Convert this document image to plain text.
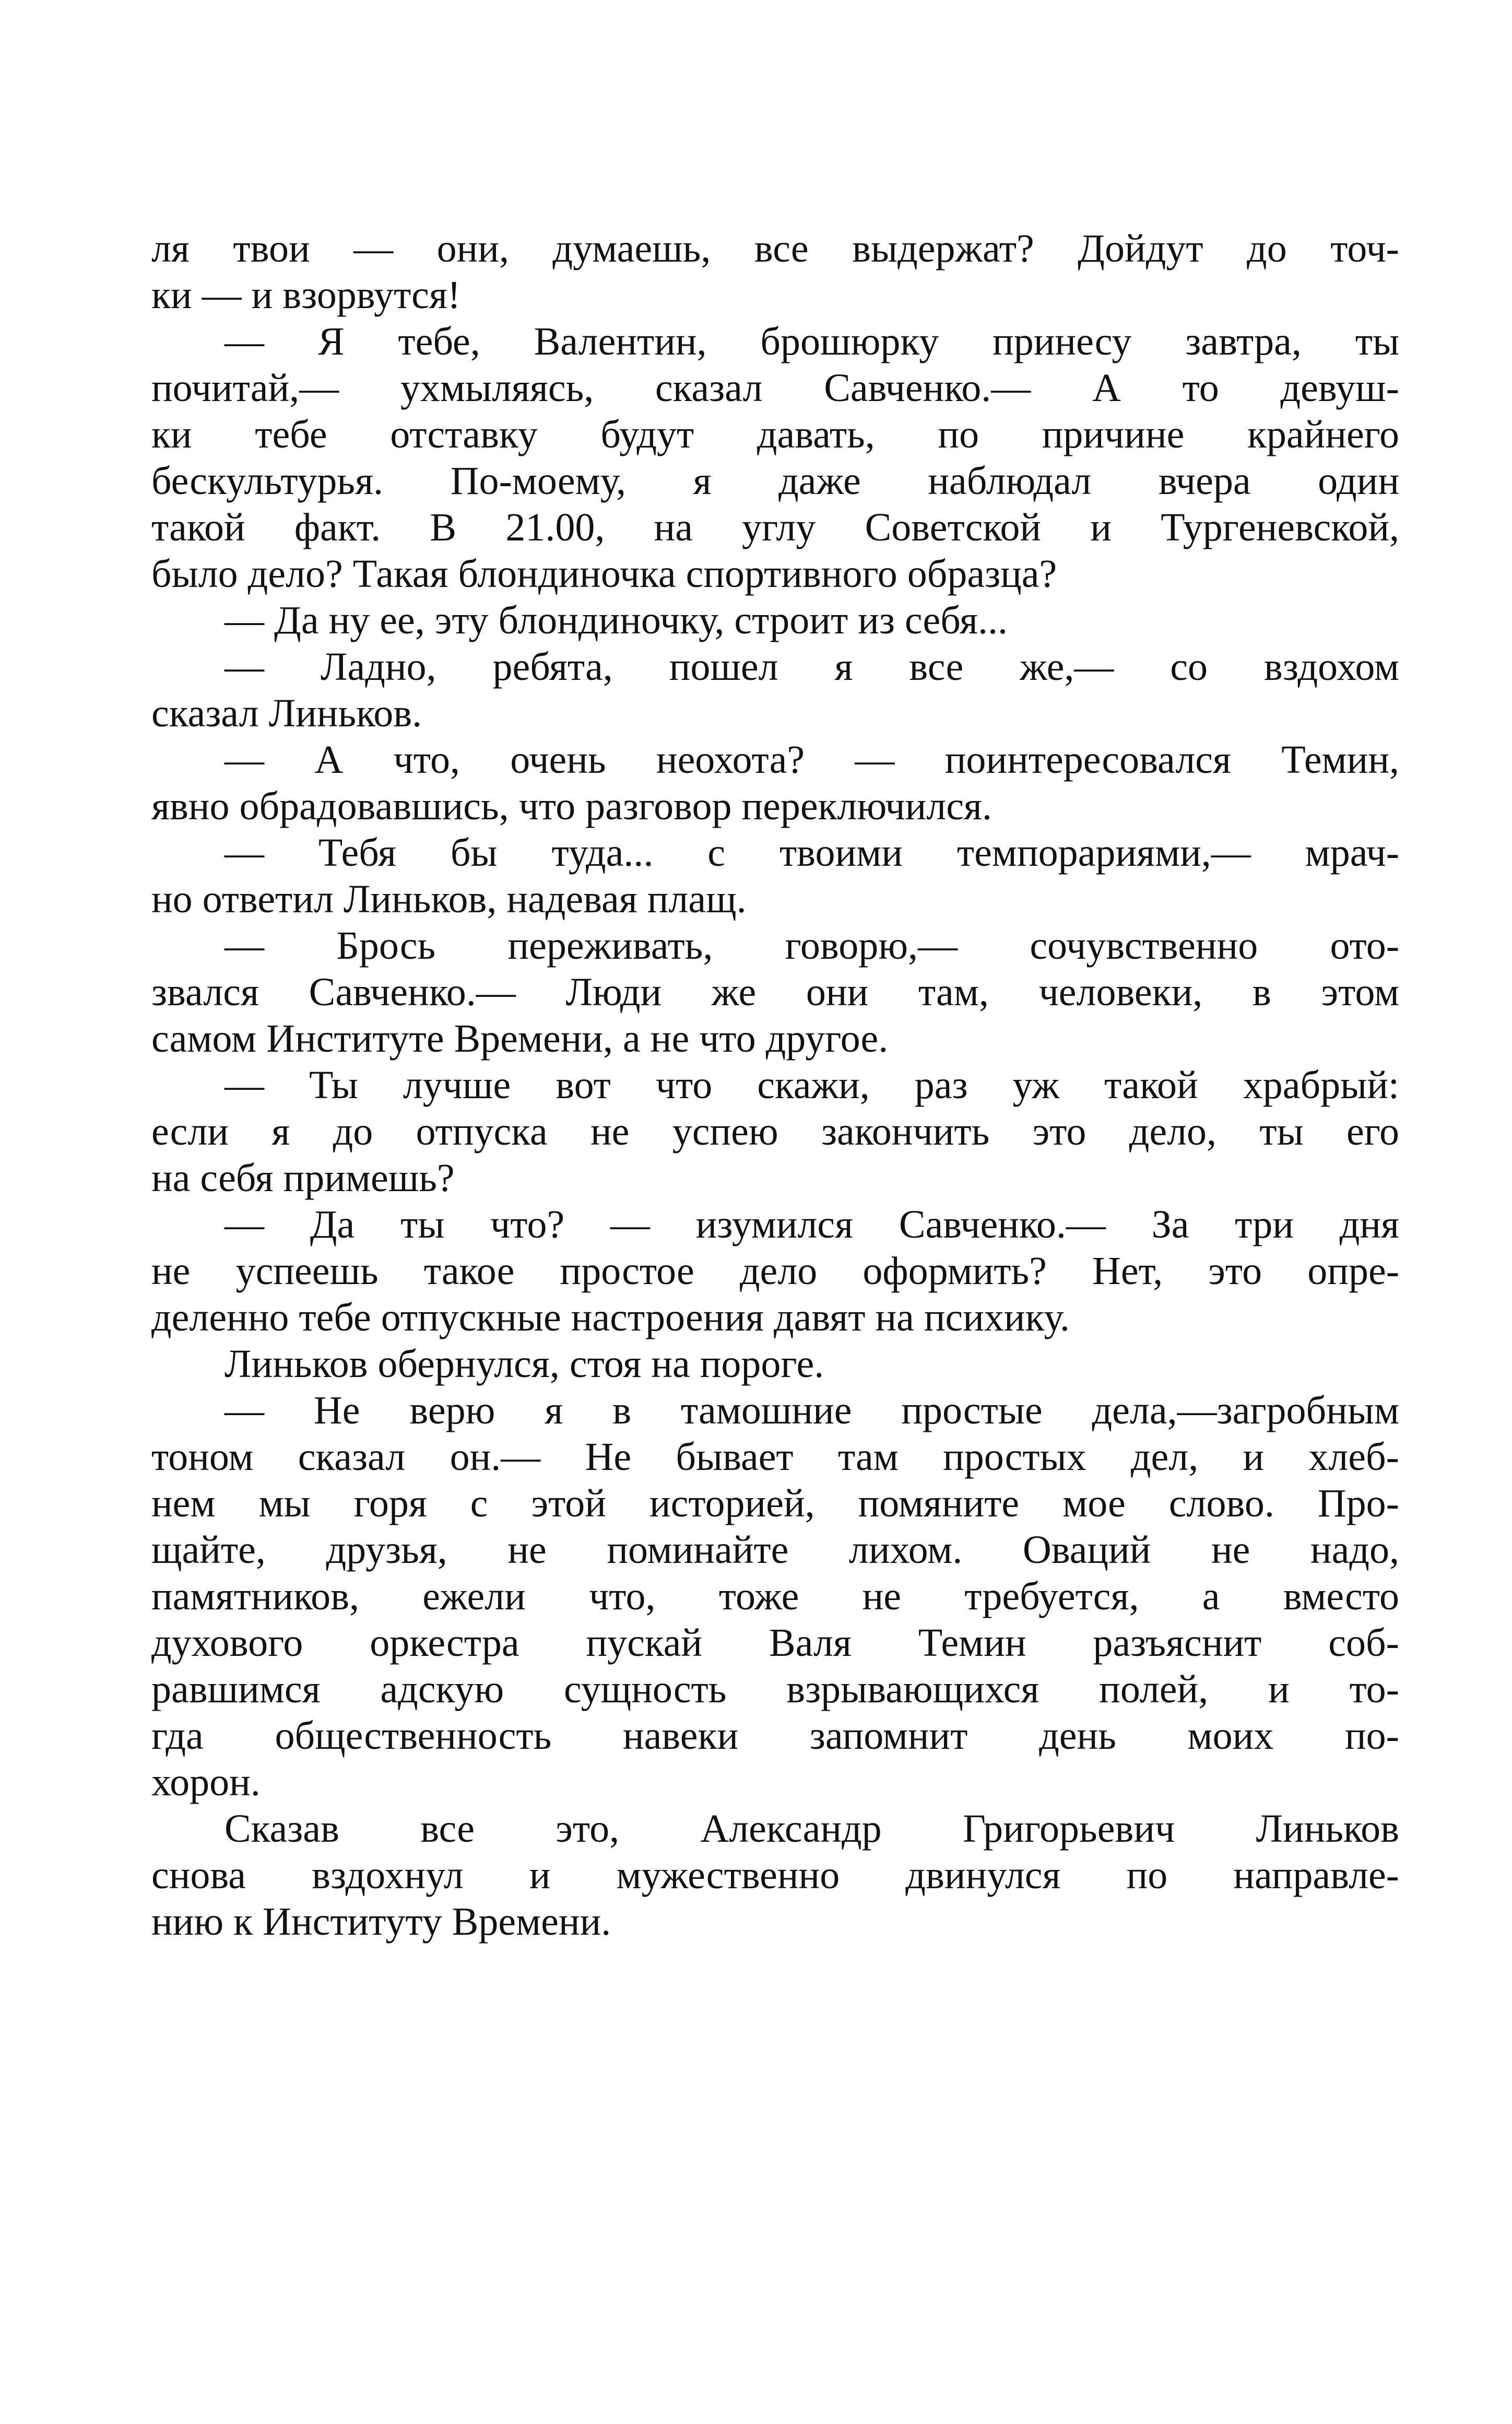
ля твои — они, думаешь, все выдержат? Дойдут до точ-
ки — и взорвутся!
— Я тебе, Валентин, брошюрку принесу завтра, ты
почитай,— ухмыляясь, сказал Савченко.— А то девуш-
ки тебе отставку будут давать, по причине крайнего
бескультурья. По-моему, я даже наблюдал вчера один
такой факт. В 21.00, на углу Советской и Тургеневской,
было дело? Такая блондиночка спортивного образца?
— Да ну ее, эту блондиночку, строит из себя...
— Ладно, ребята, пошел я все же,— со вздохом
сказал Линьков.
— А что, очень неохота? — поинтересовался Темин,
явно обрадовавшись, что разговор переключился.
— Тебя бы туда... с твоими темпорариями,— мрач-
но ответил Линьков, надевая плащ.
— Брось переживать, говорю,— сочувственно ото-
звался Савченко.— Люди же они там, человеки, в этом
самом Институте Времени, а не что другое.
— Ты лучше вот что скажи, раз уж такой храбрый:
если я до отпуска не успею закончить это дело, ты его
на себя примешь?
— Да ты что? — изумился Савченко.— За три дня
не успеешь такое простое дело оформить? Нет, это опре-
деленно тебе отпускные настроения давят на психику.
Линьков обернулся, стоя на пороге.
— Не верю я в тамошние простые дела,—загробным
тоном сказал он.— Не бывает там простых дел, и хлеб-
нем мы горя с этой историей, помяните мое слово. Про-
щайте, друзья, не поминайте лихом. Оваций не надо,
памятников, ежели что, тоже не требуется, а вместо
духового оркестра пускай Валя Темин разъяснит соб-
равшимся адскую сущность взрывающихся полей, и то-
гда общественность навеки запомнит день моих по-
хорон.
Сказав все это, Александр Григорьевич Линьков
снова вздохнул и мужественно двинулся по направле-
нию к Институту Времени.
